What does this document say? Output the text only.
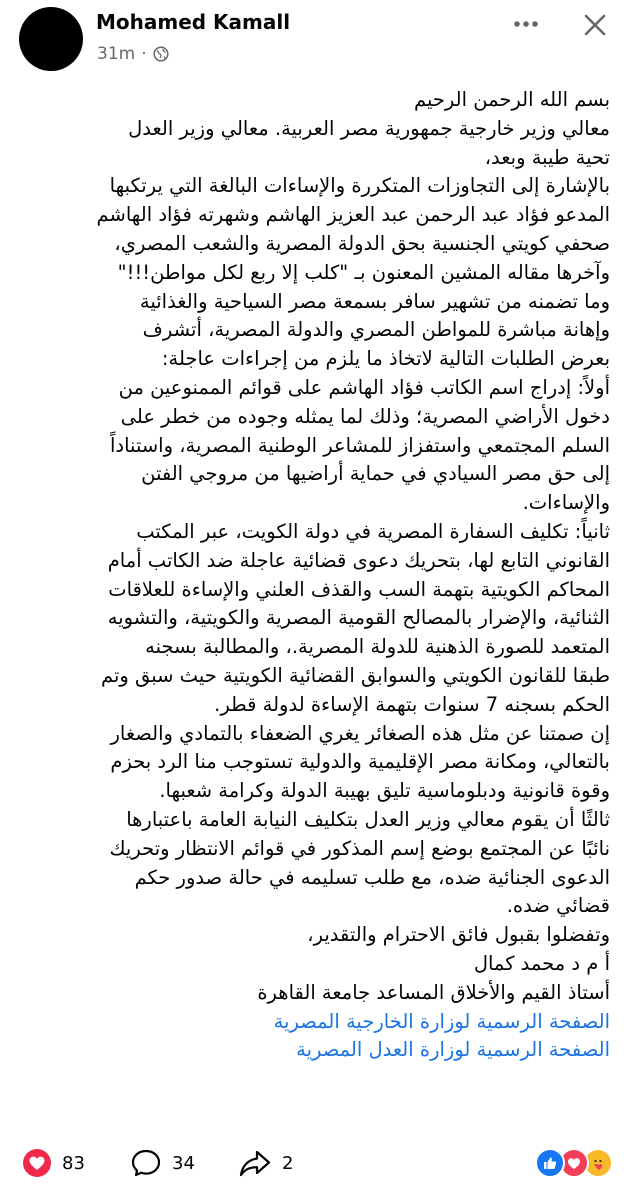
Mohamed Kamall
31m ·

بسم الله الرحمن الرحيم

معالي وزير خارجية جمهورية مصر العربية. معالي وزير العدل

تحية طيبة وبعد،

بالإشارة إلى التجاوزات المتكررة والإساءات البالغة التي يرتكبها

المدعو فؤاد عبد الرحمن عبد العزيز الهاشم وشهرته فؤاد الهاشم

صحفي كويتي الجنسية بحق الدولة المصرية والشعب المصري،

وآخرها مقاله المشين المعنون بـ "كلب إلا ربع لكل مواطن!!!"

وما تضمنه من تشهير سافر بسمعة مصر السياحية والغذائية

وإهانة مباشرة للمواطن المصري والدولة المصرية، أتشرف

بعرض الطلبات التالية لاتخاذ ما يلزم من إجراءات عاجلة:

أولاً: إدراج اسم الكاتب فؤاد الهاشم على قوائم الممنوعين من

دخول الأراضي المصرية؛ وذلك لما يمثله وجوده من خطر على

السلم المجتمعي واستفزاز للمشاعر الوطنية المصرية، واستناداً

إلى حق مصر السيادي في حماية أراضيها من مروجي الفتن

والإساءات.

ثانياً: تكليف السفارة المصرية في دولة الكويت، عبر المكتب

القانوني التابع لها، بتحريك دعوى قضائية عاجلة ضد الكاتب أمام

المحاكم الكويتية بتهمة السب والقذف العلني والإساءة للعلاقات

الثنائية، والإضرار بالمصالح القومية المصرية والكويتية، والتشويه

المتعمد للصورة الذهنية للدولة المصرية.، والمطالبة بسجنه

طبقا للقانون الكويتي والسوابق القضائية الكويتية حيث سبق وتم

الحكم بسجنه 7 سنوات بتهمة الإساءة لدولة قطر.

إن صمتنا عن مثل هذه الصغائر يغري الضعفاء بالتمادي والصغار

بالتعالي، ومكانة مصر الإقليمية والدولية تستوجب منا الرد بحزم

وقوة قانونية ودبلوماسية تليق بهيبة الدولة وكرامة شعبها.

ثالثًا أن يقوم معالي وزير العدل بتكليف النيابة العامة باعتبارها

نائبًا عن المجتمع بوضع إسم المذكور في قوائم الانتظار وتحريك

الدعوى الجنائية ضده، مع طلب تسليمه في حالة صدور حكم

قضائي ضده.

وتفضلوا بقبول فائق الاحترام والتقدير،

أ م د محمد كمال

أستاذ القيم والأخلاق المساعد جامعة القاهرة

الصفحة الرسمية لوزارة الخارجية المصرية

الصفحة الرسمية لوزارة العدل المصرية

83	34	2
